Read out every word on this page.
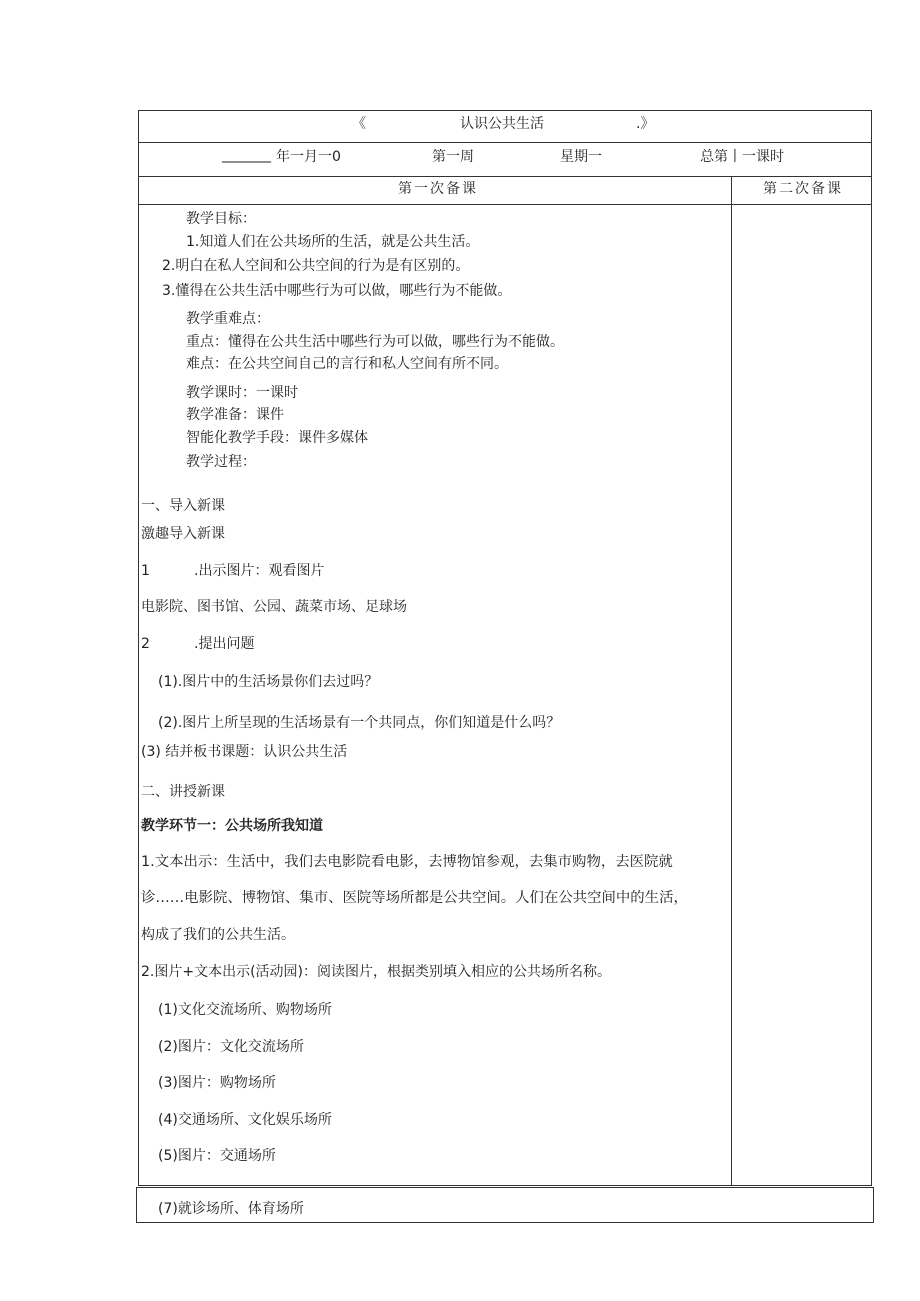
《	认识公共生活	.》
_______ 年一月一0	第一周	星期一	总第丨一课时
第一次备课	第二次备课
教学目标：
1.知道人们在公共场所的生活，就是公共生活。
2.明白在私人空间和公共空间的行为是有区别的。
3.懂得在公共生活中哪些行为可以做，哪些行为不能做。
教学重难点：
重点：懂得在公共生活中哪些行为可以做，哪些行为不能做。
难点：在公共空间自己的言行和私人空间有所不同。
教学课时：一课时
教学准备：课件
智能化教学手段：课件多媒体
教学过程：
一、导入新课
激趣导入新课
1	.出示图片：观看图片
电影院、图书馆、公园、蔬菜市场、足球场
2	.提出问题
(1).图片中的生活场景你们去过吗？
(2).图片上所呈现的生活场景有一个共同点，你们知道是什么吗？
(3) 结并板书课题：认识公共生活
二、讲授新课
教学环节一：公共场所我知道
1.文本出示：生活中，我们去电影院看电影，去博物馆参观，去集市购物，去医院就
诊……电影院、博物馆、集市、医院等场所都是公共空间。人们在公共空间中的生活，
构成了我们的公共生活。
2.图片+文本出示(活动园)：阅读图片，根据类别填入相应的公共场所名称。
(1)文化交流场所、购物场所
(2)图片：文化交流场所
(3)图片：购物场所
(4)交通场所、文化娱乐场所
(5)图片：交通场所
(7)就诊场所、体育场所
